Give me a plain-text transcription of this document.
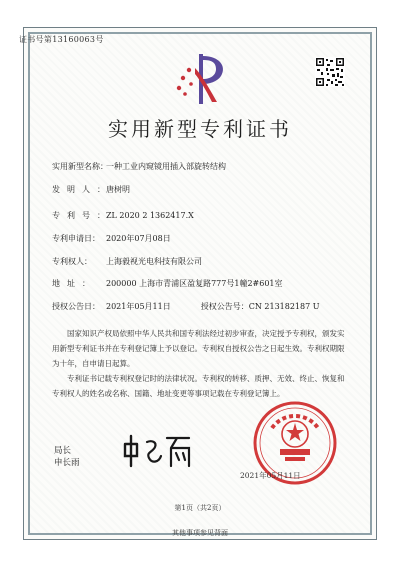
证书号第13160063号
实用新型专利证书
实用新型名称：一种工业内窥镜用插入部旋转结构
发明人：唐树明
专利号：ZL 2020 2 1362417.X
专利申请日： 2020年07月08日
专利权人： 上海毅视光电科技有限公司
地址： 200000 上海市青浦区盈复路777号1幢2#601室
授权公告日： 2021年05月11日	授权公告号：CN 213182187 U

国家知识产权局依照中华人民共和国专利法经过初步审查，决定授予专利权，颁发实用新型专利证书并在专利登记簿上予以登记。专利权自授权公告之日起生效。专利权期限为十年，自申请日起算。

专利证书记载专利权登记时的法律状况。专利权的转移、质押、无效、终止、恢复和专利权人的姓名或名称、国籍、地址变更等事项记载在专利登记簿上。

局长
申长雨
2021年05月11日
第1页（共2页）
其他事项参见背面
